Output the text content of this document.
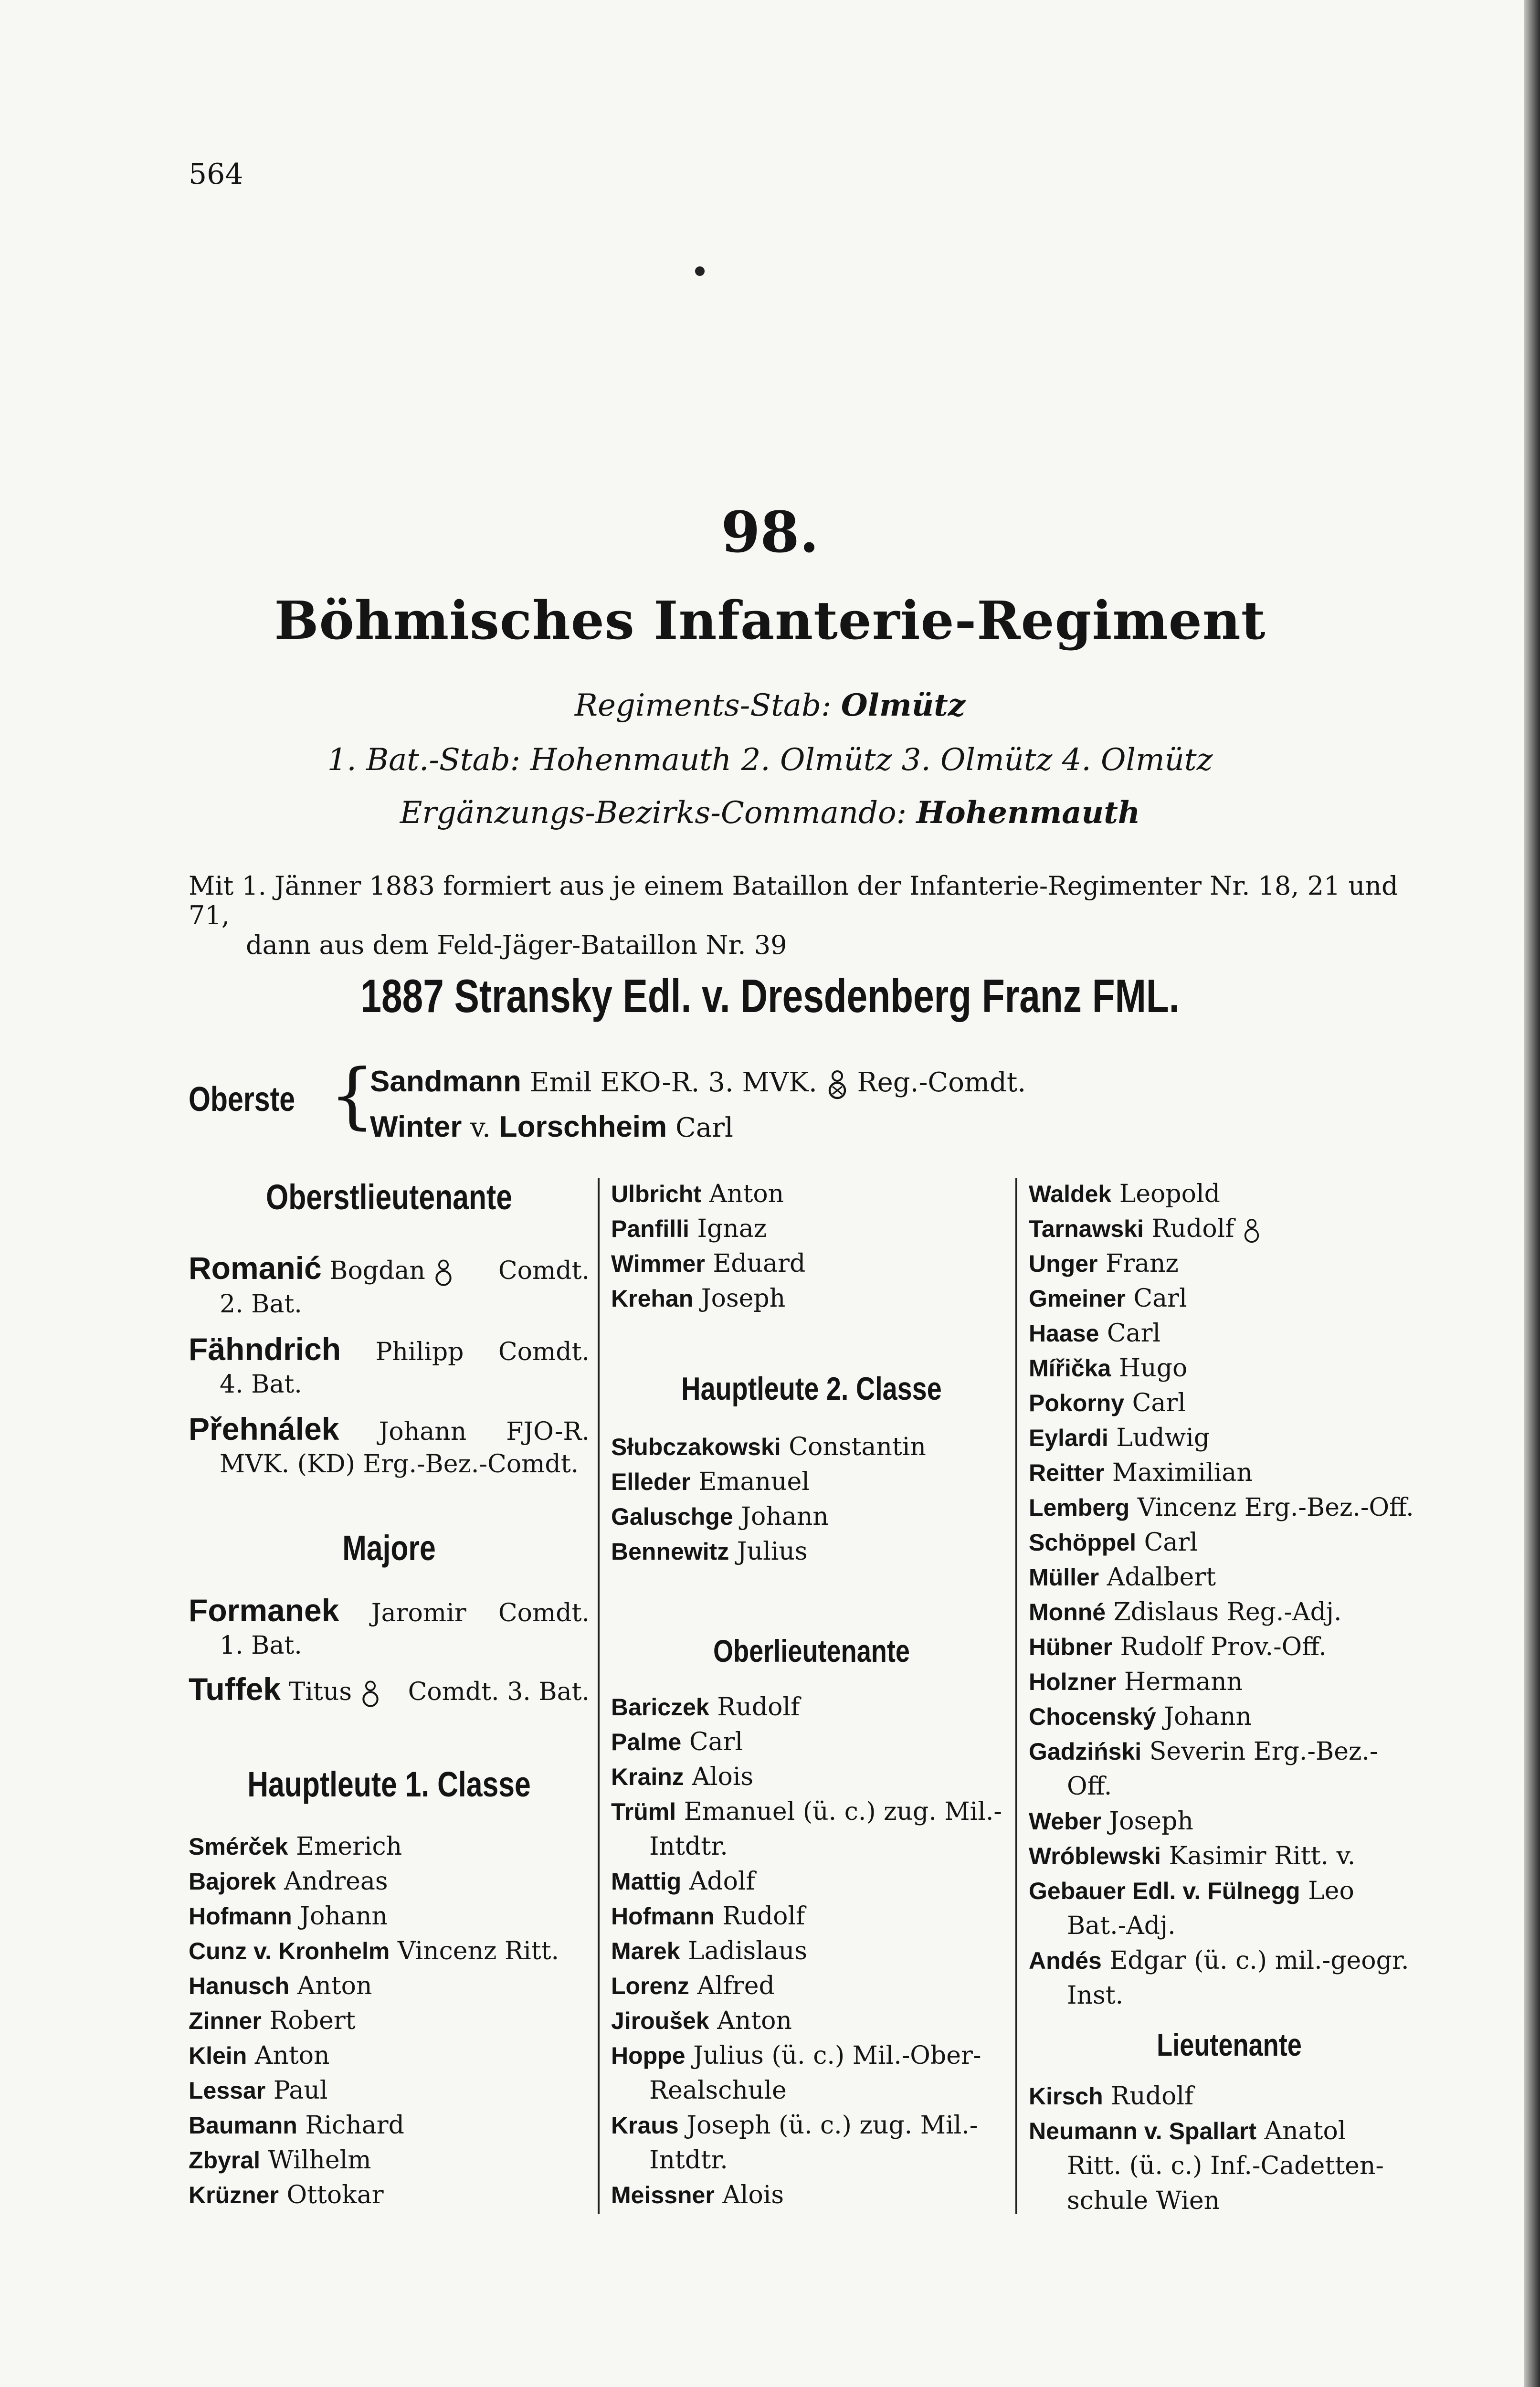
564
98.
Böhmisches Infanterie-Regiment
Regiments-Stab: Olmütz
1. Bat.-Stab: Hohenmauth 2. Olmütz 3. Olmütz 4. Olmütz
Ergänzungs-Bezirks-Commando: Hohenmauth
Mit 1. Jänner 1883 formiert aus je einem Bataillon der Infanterie-Regimenter Nr. 18, 21 und 71,
dann aus dem Feld-Jäger-Bataillon Nr. 39
1887 Stransky Edl. v. Dresdenberg Franz FML.
Oberste {
Sandmann Emil EKO-R. 3. MVK. Reg.-Comdt.
Winter v. Lorschheim Carl
Oberstlieutenante
Romanić Bogdan	Comdt.
2. Bat.
Fähndrich Philipp Comdt.
4. Bat.
Přehnálek Johann FJO-R.
MVK. (KD) Erg.-Bez.-Comdt.
Majore
Formanek Jaromir Comdt.
1. Bat.
Tuffek Titus	Comdt. 3. Bat.
Hauptleute 1. Classe
Smérček Emerich
Bajorek Andreas
Hofmann Johann
Cunz v. Kronhelm Vincenz Ritt.
Hanusch Anton
Zinner Robert
Klein Anton
Lessar Paul
Baumann Richard
Zbyral Wilhelm
Krüzner Ottokar
Ulbricht Anton
Panfilli Ignaz
Wimmer Eduard
Krehan Joseph
Hauptleute 2. Classe
Słubczakowski Constantin
Elleder Emanuel
Galuschge Johann
Bennewitz Julius
Oberlieutenante
Bariczek Rudolf
Palme Carl
Krainz Alois
Trüml Emanuel (ü. c.) zug. Mil.-
Intdtr.
Mattig Adolf
Hofmann Rudolf
Marek Ladislaus
Lorenz Alfred
Jiroušek Anton
Hoppe Julius (ü. c.) Mil.-Ober-
Realschule
Kraus Joseph (ü. c.) zug. Mil.-
Intdtr.
Meissner Alois
Waldek Leopold
Tarnawski Rudolf
Unger Franz
Gmeiner Carl
Haase Carl
Mířička Hugo
Pokorny Carl
Eylardi Ludwig
Reitter Maximilian
Lemberg Vincenz Erg.-Bez.-Off.
Schöppel Carl
Müller Adalbert
Monné Zdislaus Reg.-Adj.
Hübner Rudolf Prov.-Off.
Holzner Hermann
Chocenský Johann
Gadziński Severin Erg.-Bez.-
Off.
Weber Joseph
Wróblewski Kasimir Ritt. v.
Gebauer Edl. v. Fülnegg Leo
Bat.-Adj.
Andés Edgar (ü. c.) mil.-geogr.
Inst.
Lieutenante
Kirsch Rudolf
Neumann v. Spallart Anatol
Ritt. (ü. c.) Inf.-Cadetten-
schule Wien
